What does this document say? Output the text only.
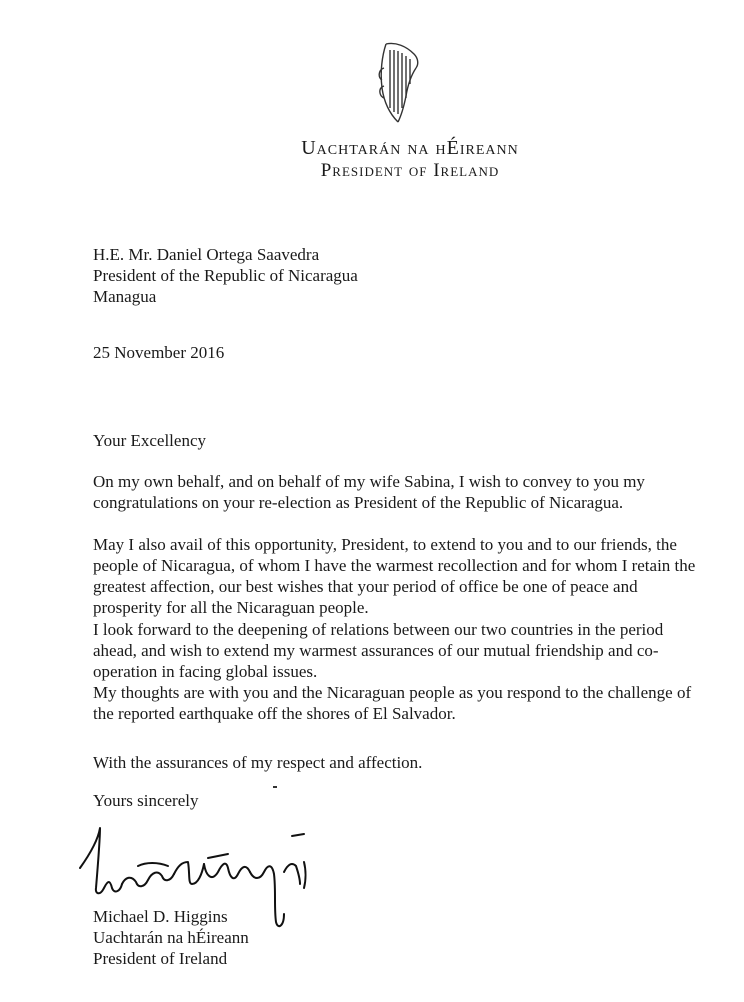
Uachtarán na hÉireann
President of Ireland
H.E. Mr. Daniel Ortega Saavedra
President of the Republic of Nicaragua
Managua
25 November 2016
Your Excellency
On my own behalf, and on behalf of my wife Sabina, I wish to convey to you my
congratulations on your re-election as President of the Republic of Nicaragua.
May I also avail of this opportunity, President, to extend to you and to our friends, the
people of Nicaragua, of whom I have the warmest recollection and for whom I retain the
greatest affection, our best wishes that your period of office be one of peace and
prosperity for all the Nicaraguan people.
I look forward to the deepening of relations between our two countries in the period
ahead, and wish to extend my warmest assurances of our mutual friendship and co-
operation in facing global issues.
My thoughts are with you and the Nicaraguan people as you respond to the challenge of
the reported earthquake off the shores of El Salvador.
With the assurances of my respect and affection.
Yours sincerely
Michael D. Higgins
Uachtarán na hÉireann
President of Ireland
